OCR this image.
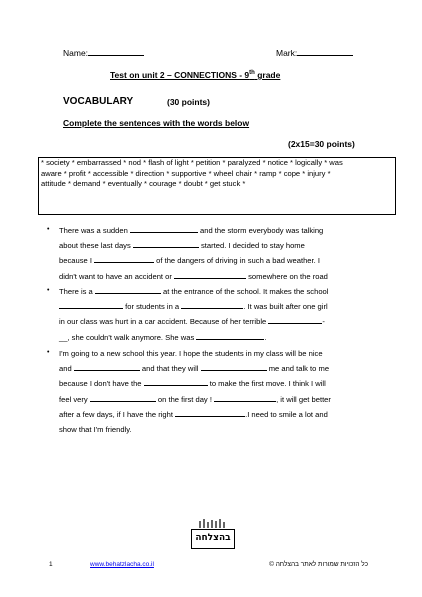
Name:	Mark:
Test on unit 2 – CONNECTIONS - 9th grade
VOCABULARY	(30 points)
Complete the sentences with the words below
(2x15=30 points)
* society * embarrassed * nod * flash of light * petition * paralyzed * notice * logically * was
aware * profit * accessible * direction * supportive * wheel chair * ramp * cope * injury *
attitude * demand * eventually * courage * doubt * get stuck *
• There was a sudden	and the storm everybody was talking
about these last days	started. I decided to stay home
because I	of the dangers of driving in such a bad weather. I
didn't want to have an accident or	somewhere on the road
• There is a	at the entrance of the school. It makes the school
for students in a	. It was built after one girl
in our class was hurt in a car accident. Because of her terrible	-
__, she couldn't walk anymore. She was	.
• I'm going to a new school this year. I hope the students in my class will be nice
and	and that they will	me and talk to me
because I don't have the	to make the first move. I think I will
feel very	on the first day !	, it will get better
after a few days, if I have the right	.I need to smile a lot and
show that I'm friendly.
בהצלחה
1	www.behatzlacha.co.il	כל הזכויות שמורות לאתר בהצלחה ©
